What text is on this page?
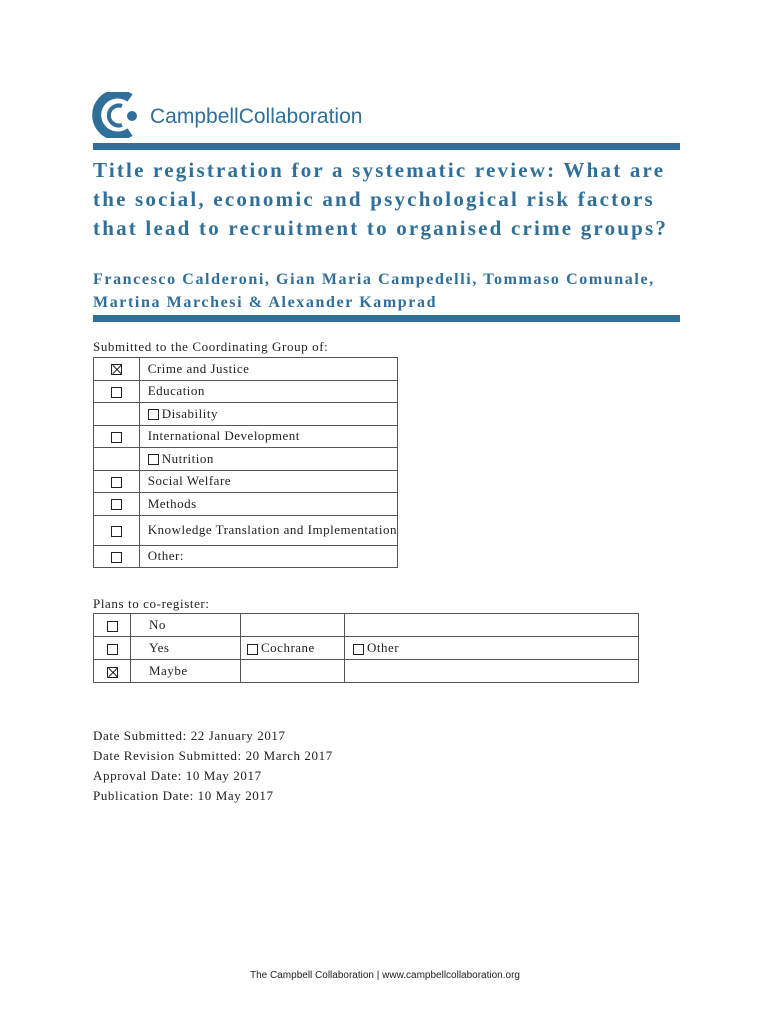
CampbellCollaboration
Title registration for a systematic review: What are the social, economic and psychological risk factors that lead to recruitment to organised crime groups?

Francesco Calderoni, Gian Maria Campedelli, Tommaso Comunale, Martina Marchesi & Alexander Kamprad

Submitted to the Coordinating Group of:
	Crime and Justice
	Education
	Disability
	International Development
	Nutrition
	Social Welfare
	Methods
	Knowledge Translation and Implementation
	Other:
Plans to co-register:
	No		
	Yes	Cochrane	Other
	Maybe		
Date Submitted: 22 January 2017
Date Revision Submitted: 20 March 2017
Approval Date: 10 May 2017
Publication Date: 10 May 2017
The Campbell Collaboration | www.campbellcollaboration.org
